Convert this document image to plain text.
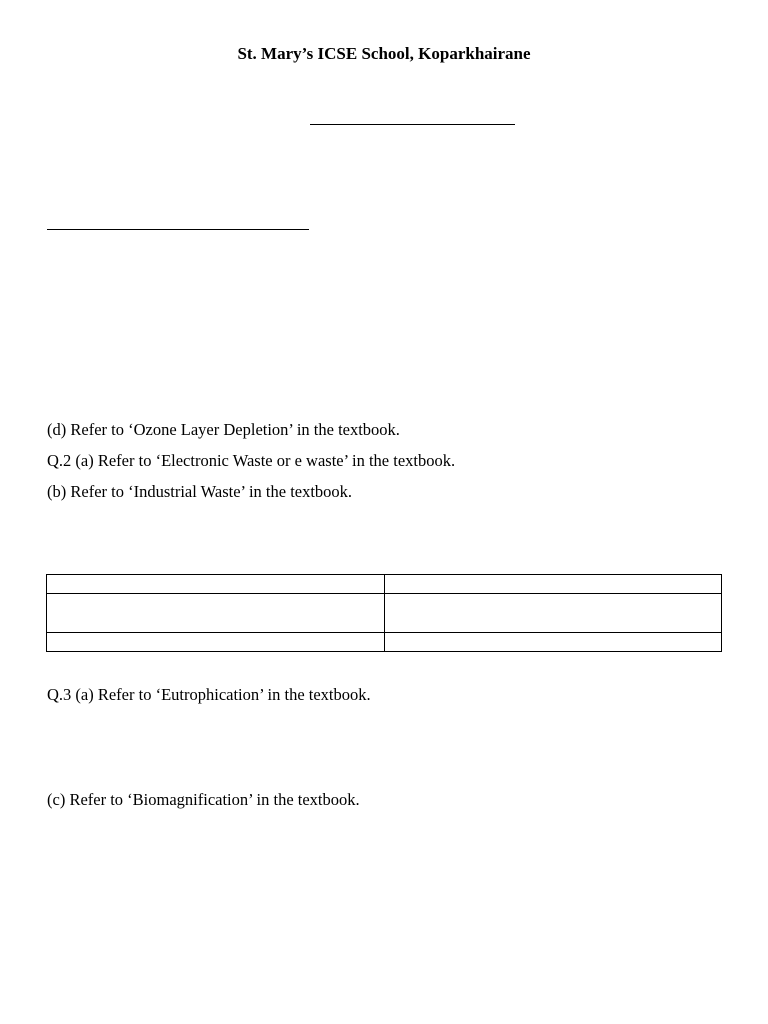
St. Mary’s ICSE School, Koparkhairane
(d) Refer to ‘Ozone Layer Depletion’ in the textbook.
Q.2 (a) Refer to ‘Electronic Waste or e waste’ in the textbook.
(b) Refer to ‘Industrial Waste’ in the textbook.

Q.3 (a) Refer to ‘Eutrophication’ in the textbook.
(c) Refer to ‘Biomagnification’ in the textbook.
